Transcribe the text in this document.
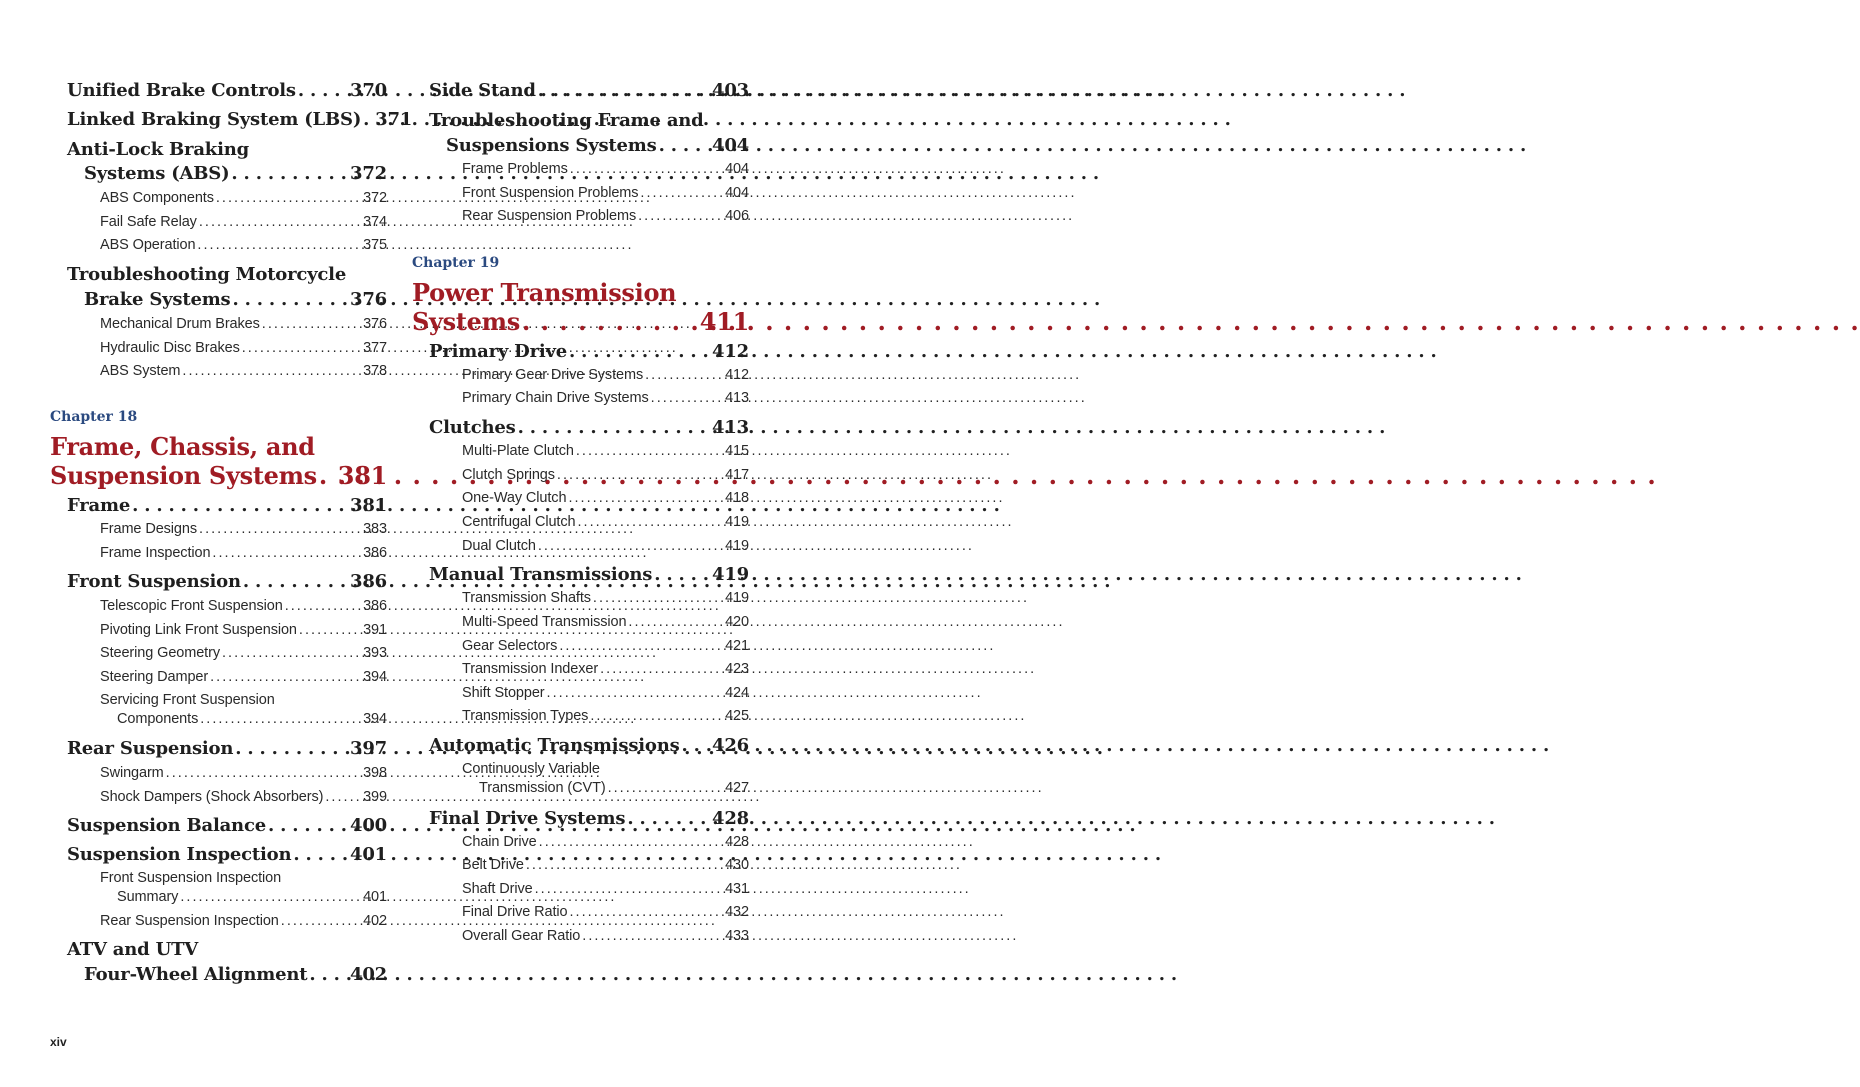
Unified Brake Controls . . .	370
Linked Braking System (LBS) . . . 371
Anti-Lock Braking
Systems (ABS) . . .	372
ABS Components . . .	372
Fail Safe Relay . . .	374
ABS Operation . . .	375
Troubleshooting Motorcycle
Brake Systems . . .	376
Mechanical Drum Brakes . . .	376
Hydraulic Disc Brakes . . .	377
ABS System . . .	378
Chapter 18
Frame, Chassis, and
Suspension Systems . . . 381
Frame . . .	381
Frame Designs . . .	383
Frame Inspection . . .	386
Front Suspension . . .	386
Telescopic Front Suspension . . .	386
Pivoting Link Front Suspension . . .	391
Steering Geometry . . .	393
Steering Damper . . .	394
Servicing Front Suspension
Components . . .	394
Rear Suspension . . .	397
Swingarm . . .	398
Shock Dampers (Shock Absorbers) . . .	399
Suspension Balance . . .	400
Suspension Inspection . . .	401
Front Suspension Inspection
Summary . . .	401
Rear Suspension Inspection . . .	402
ATV and UTV
Four-Wheel Alignment . . . 402
Side Stand . . .	403
Troubleshooting Frame and
Suspensions Systems . . .	404
Frame Problems . . .	404
Front Suspension Problems . . .	404
Rear Suspension Problems . . .	406
Chapter 19
Power Transmission
Systems . . .	411
Primary Drive . . .	412
Primary Gear Drive Systems . . .	412
Primary Chain Drive Systems . . .	413
Clutches . . .	413
Multi-Plate Clutch . . .	415
Clutch Springs . . .	417
One-Way Clutch . . .	418
Centrifugal Clutch . . .	419
Dual Clutch . . .	419
Manual Transmissions . . .	419
Transmission Shafts . . .	419
Multi-Speed Transmission . . .	420
Gear Selectors . . .	421
Transmission Indexer . . .	423
Shift Stopper . . .	424
Transmission Types . . .	425
Automatic Transmissions . . . 426
Continuously Variable
Transmission (CVT) . . .	427
Final Drive Systems . . .	428
Chain Drive . . .	428
Belt Drive . . .	430
Shaft Drive . . .	431
Final Drive Ratio . . .	432
Overall Gear Ratio . . .	433
xiv
